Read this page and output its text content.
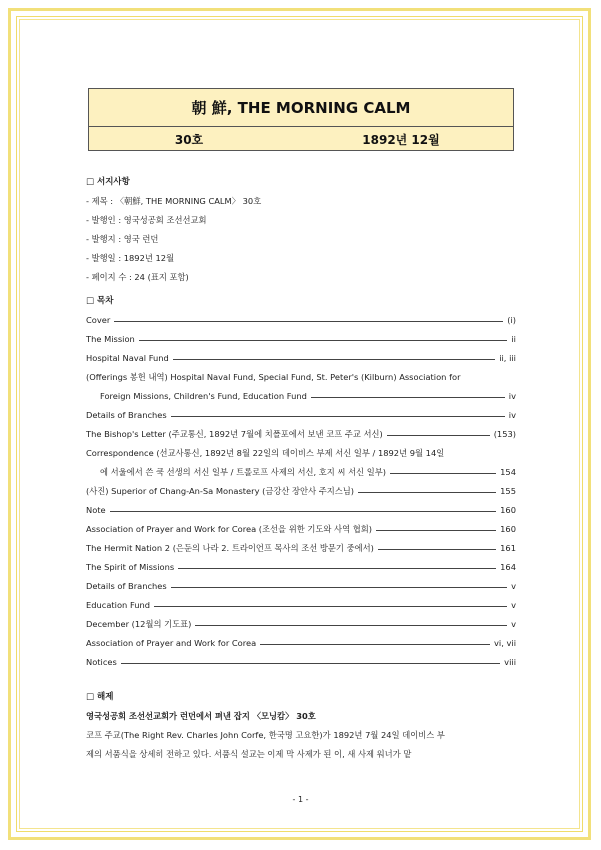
朝 鮮, THE MORNING CALM
30호	1892년 12월
□ 서지사항
- 제목 : 〈朝鮮, THE MORNING CALM〉 30호
- 발행인 : 영국성공회 조선선교회
- 발행지 : 영국 런던
- 발행일 : 1892년 12월
- 페이지 수 : 24 (표지 포함)
□ 목차
Cover	(i)
The Mission	ii
Hospital Naval Fund	ii, iii
(Offerings 봉헌 내역) Hospital Naval Fund, Special Fund, St. Peter's (Kilburn) Association for
Foreign Missions, Children's Fund, Education Fund	iv
Details of Branches	iv
The Bishop's Letter (주교통신, 1892년 7월에 치폴포에서 보낸 코프 주교 서신)	(153)
Correspondence (선교사통신, 1892년 8월 22일의 데이비스 부제 서신 일부 / 1892년 9월 14일
에 서울에서 쓴 쿡 선생의 서신 일부 / 트롤로프 사제의 서신, 호지 씨 서신 일부)	154
(사진) Superior of Chang-An-Sa Monastery (금강산 장안사 주지스님)	155
Note	160
Association of Prayer and Work for Corea (조선을 위한 기도와 사역 협회)	160
The Hermit Nation 2 (은둔의 나라 2. 트라이언프 목사의 조선 방문기 중에서)	161
The Spirit of Missions	164
Details of Branches	v
Education Fund	v
December (12월의 기도표)	v
Association of Prayer and Work for Corea	vi, vii
Notices	viii
□ 해제
영국성공회 조선선교회가 런던에서 펴낸 잡지 〈모닝캄〉 30호
코프 주교(The Right Rev. Charles John Corfe, 한국명 고요한)가 1892년 7월 24일 데이비스 부
제의 서품식을 상세히 전하고 있다. 서품식 설교는 이제 막 사제가 된 이, 새 사제 워너가 맡
- 1 -
